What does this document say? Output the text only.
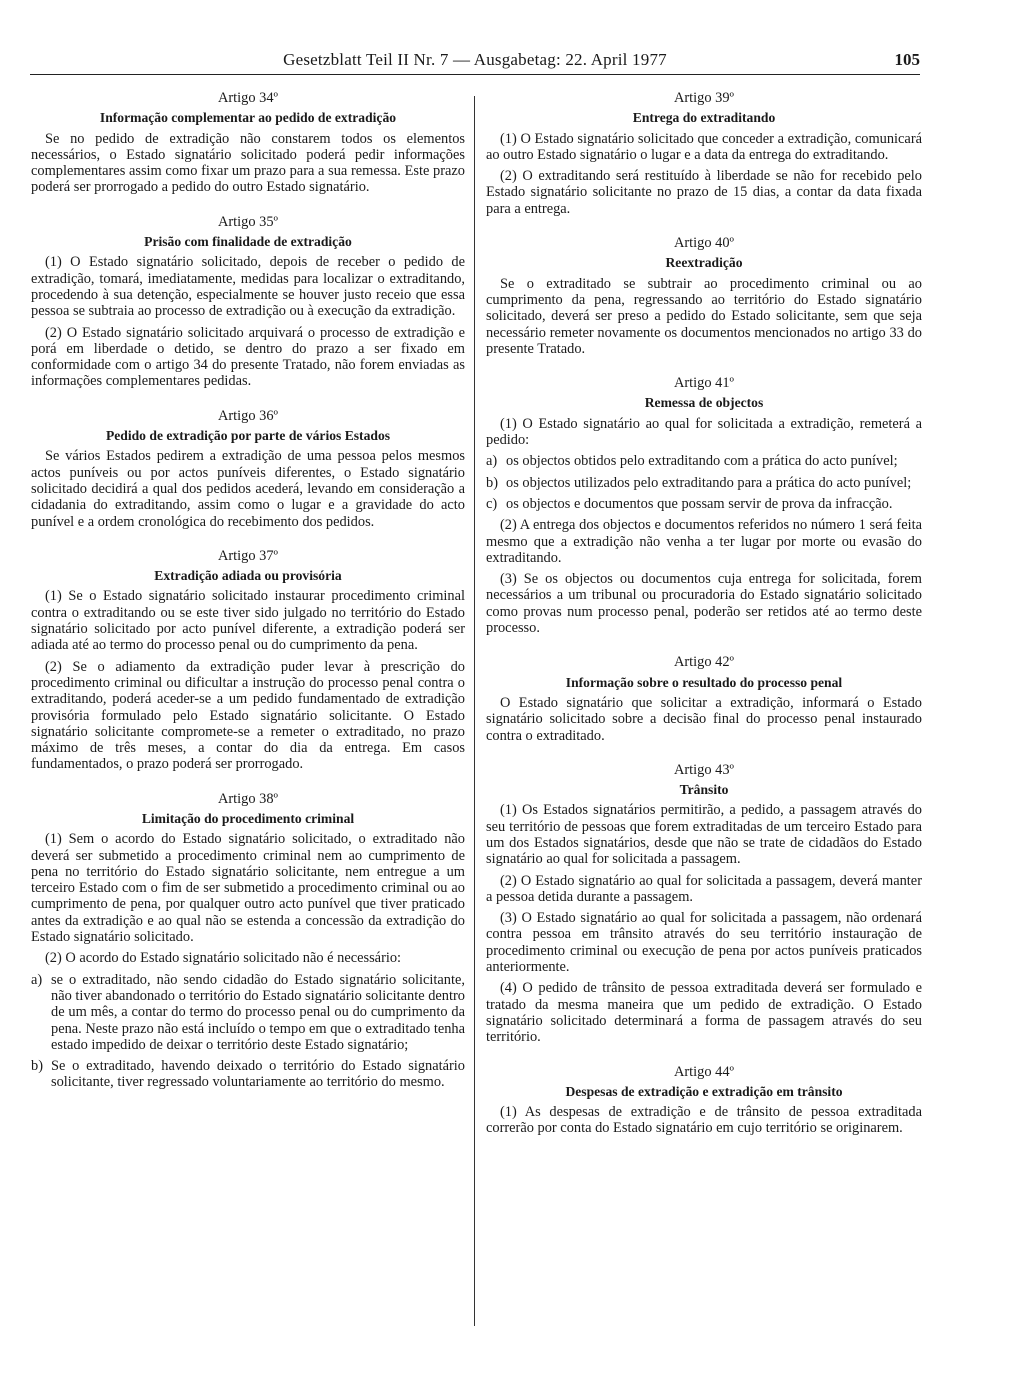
Gesetzblatt Teil II Nr. 7 — Ausgabetag: 22. April 1977	105
Artigo 34º
Informação complementar ao pedido de extradição

Se no pedido de extradição não constarem todos os elementos necessários, o Estado signatário solicitado poderá pedir informações complementares assim como fixar um prazo para a sua remessa. Este prazo poderá ser prorrogado a pedido do outro Estado signatário.

Artigo 35º
Prisão com finalidade de extradição

(1) O Estado signatário solicitado, depois de receber o pedido de extradição, tomará, imediatamente, medidas para localizar o extraditando, procedendo à sua detenção, especialmente se houver justo receio que essa pessoa se subtraia ao processo de extradição ou à execução da extradição.

(2) O Estado signatário solicitado arquivará o processo de extradição e porá em liberdade o detido, se dentro do prazo a ser fixado em conformidade com o artigo 34 do presente Tratado, não forem enviadas as informações complementares pedidas.

Artigo 36º
Pedido de extradição por parte de vários Estados

Se vários Estados pedirem a extradição de uma pessoa pelos mesmos actos puníveis ou por actos puníveis diferentes, o Estado signatário solicitado decidirá a qual dos pedidos acederá, levando em consideração a cidadania do extraditando, assim como o lugar e a gravidade do acto punível e a ordem cronológica do recebimento dos pedidos.

Artigo 37º
Extradição adiada ou provisória

(1) Se o Estado signatário solicitado instaurar procedimento criminal contra o extraditando ou se este tiver sido julgado no território do Estado signatário solicitado por acto punível diferente, a extradição poderá ser adiada até ao termo do processo penal ou do cumprimento da pena.

(2) Se o adiamento da extradição puder levar à prescrição do procedimento criminal ou dificultar a instrução do processo penal contra o extraditando, poderá aceder-se a um pedido fundamentado de extradição provisória formulado pelo Estado signatário solicitante. O Estado signatário solicitante compromete-se a remeter o extraditado, no prazo máximo de três meses, a contar do dia da entrega. Em casos fundamentados, o prazo poderá ser prorrogado.

Artigo 38º
Limitação do procedimento criminal

(1) Sem o acordo do Estado signatário solicitado, o extraditado não deverá ser submetido a procedimento criminal nem ao cumprimento de pena no território do Estado signatário solicitante, nem entregue a um terceiro Estado com o fim de ser submetido a procedimento criminal ou ao cumprimento de pena, por qualquer outro acto punível que tiver praticado antes da extradição e ao qual não se estenda a concessão da extradição do Estado signatário solicitado.

(2) O acordo do Estado signatário solicitado não é necessário:

a) se o extraditado, não sendo cidadão do Estado signatário solicitante, não tiver abandonado o território do Estado signatário solicitante dentro de um mês, a contar do termo do processo penal ou do cumprimento da pena. Neste prazo não está incluído o tempo em que o extraditado tenha estado impedido de deixar o território deste Estado signatário;
b) Se o extraditado, havendo deixado o território do Estado signatário solicitante, tiver regressado voluntariamente ao território do mesmo.
Artigo 39º
Entrega do extraditando

(1) O Estado signatário solicitado que conceder a extradição, comunicará ao outro Estado signatário o lugar e a data da entrega do extraditando.

(2) O extraditando será restituído à liberdade se não for recebido pelo Estado signatário solicitante no prazo de 15 dias, a contar da data fixada para a entrega.

Artigo 40º
Reextradição

Se o extraditado se subtrair ao procedimento criminal ou ao cumprimento da pena, regressando ao território do Estado signatário solicitado, deverá ser preso a pedido do Estado solicitante, sem que seja necessário remeter novamente os documentos mencionados no artigo 33 do presente Tratado.

Artigo 41º
Remessa de objectos

(1) O Estado signatário ao qual for solicitada a extradição, remeterá a pedido:

a) os objectos obtidos pelo extraditando com a prática do acto punível;
b) os objectos utilizados pelo extraditando para a prática do acto punível;
c) os objectos e documentos que possam servir de prova da infracção.

(2) A entrega dos objectos e documentos referidos no número 1 será feita mesmo que a extradição não venha a ter lugar por morte ou evasão do extraditando.

(3) Se os objectos ou documentos cuja entrega for solicitada, forem necessários a um tribunal ou procuradoria do Estado signatário solicitado como provas num processo penal, poderão ser retidos até ao termo deste processo.

Artigo 42º
Informação sobre o resultado do processo penal

O Estado signatário que solicitar a extradição, informará o Estado signatário solicitado sobre a decisão final do processo penal instaurado contra o extraditado.

Artigo 43º
Trânsito

(1) Os Estados signatários permitirão, a pedido, a passagem através do seu território de pessoas que forem extraditadas de um terceiro Estado para um dos Estados signatários, desde que não se trate de cidadãos do Estado signatário ao qual for solicitada a passagem.

(2) O Estado signatário ao qual for solicitada a passagem, deverá manter a pessoa detida durante a passagem.

(3) O Estado signatário ao qual for solicitada a passagem, não ordenará contra pessoa em trânsito através do seu território instauração de procedimento criminal ou execução de pena por actos puníveis praticados anteriormente.

(4) O pedido de trânsito de pessoa extraditada deverá ser formulado e tratado da mesma maneira que um pedido de extradição. O Estado signatário solicitado determinará a forma de passagem através do seu território.

Artigo 44º
Despesas de extradição e extradição em trânsito

(1) As despesas de extradição e de trânsito de pessoa extraditada correrão por conta do Estado signatário em cujo território se originarem.
